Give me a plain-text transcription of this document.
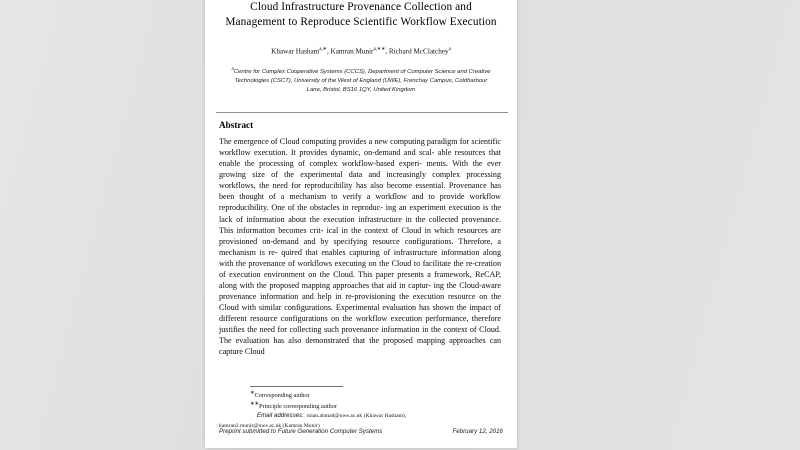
Cloud Infrastructure Provenance Collection and
Management to Reproduce Scientific Workflow Execution
Khawar Hasham$^{a,∗}$, Kamran Munir$^{a,∗∗}$, Richard McClatchey$^a$
$^a$Centre for Complex Cooperative Systems (CCCS), Department of Computer Science and Creative Technologies (CSCT), University of the West of England (UWE), Frenchay Campus, Coldharbour Lane, Bristol, BS16 1QY, United Kingdom
Abstract
The emergence of Cloud computing provides a new computing paradigm for scientific workflow execution. It provides dynamic, on-demand and scal- able resources that enable the processing of complex workflow-based experi- ments. With the ever growing size of the experimental data and increasingly complex processing workflows, the need for reproducibility has also become essential. Provenance has been thought of a mechanism to verify a workflow and to provide workflow reproducibility. One of the obstacles in reproduc- ing an experiment execution is the lack of information about the execution infrastructure in the collected provenance. This information becomes crit- ical in the context of Cloud in which resources are provisioned on-demand and by specifying resource configurations. Therefore, a mechanism is re- quired that enables capturing of infrastructure information along with the provenance of workflows executing on the Cloud to facilitate the re-creation of execution environment on the Cloud. This paper presents a framework, ReCAP, along with the proposed mapping approaches that aid in captur- ing the Cloud-aware provenance information and help in re-provisioning the execution resource on the Cloud with similar configurations. Experimental evaluation has shown the impact of different resource configurations on the workflow execution performance, therefore justifies the need for collecting such provenance information in the context of Cloud. The evaluation has also demonstrated that the proposed mapping approaches can capture Cloud
∗Corresponding author
∗∗Principle corresponding author
Email addresses: mian.ahmad@uwe.ac.uk (Khawar Hasham),
kamran2.munir@uwe.ac.uk (Kamran Munir)
Preprint submitted to Future Generation Computer Systems	February 12, 2016
